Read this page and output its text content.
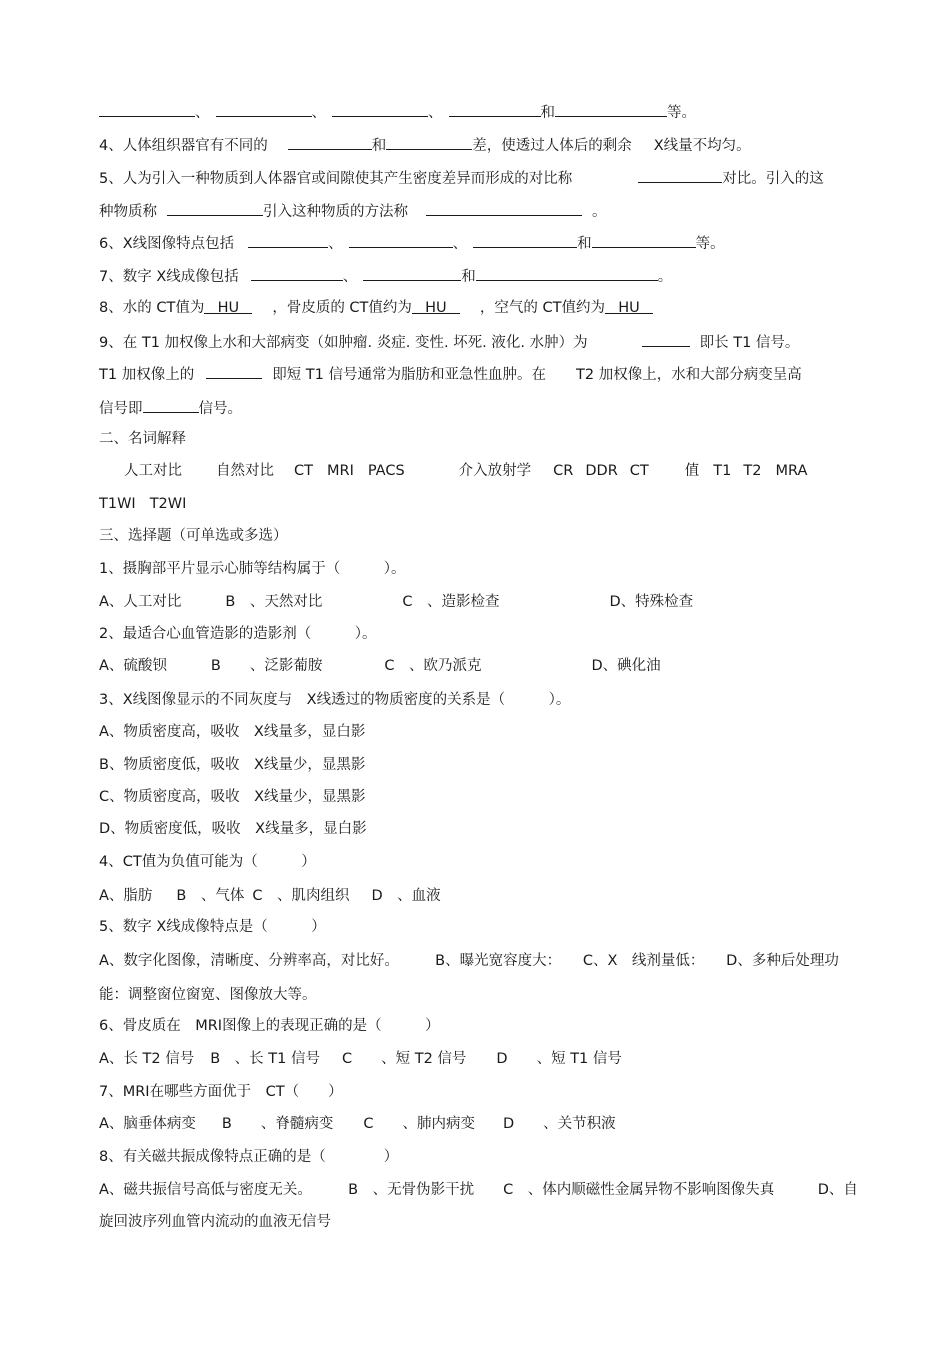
、	、	、	和	等。
4、人体组织器官有不同的	和	差，使透过人体后的剩余 X线量不均匀。
5、人为引入一种物质到人体器官或间隙使其产生密度差异而形成的对比称	对比。引入的这
种物质称	引入这种物质的方法称	。
6、X线图像特点包括	、	、	和	等。
7、数字 X线成像包括	、	和	。
8、水的 CT值为 HU ，骨皮质的 CT值约为 HU ，空气的 CT值约为 HU
9、在 T1 加权像上水和大部病变（如肿瘤. 炎症. 变性. 坏死. 液化. 水肿）为	即长 T1 信号。
T1 加权像上的	即短 T1 信号通常为脂肪和亚急性血肿。在 T2 加权像上，水和大部分病变呈高
信号即	信号。
二、名词解释
人工对比 自然对比 CT MRI PACS	介入放射学 CR DDR CT 值 T1 T2 MRA
T1WI T2WI
三、选择题（可单选或多选）
1、摄胸部平片显示心肺等结构属于（　　　）。
A、人工对比	B　、天然对比	C　、造影检查	D、特殊检查
2、最适合心血管造影的造影剂（　　　）。
A、硫酸钡	B　　、泛影葡胺	C　、欧乃派克	D、碘化油
3、X线图像显示的不同灰度与　X线透过的物质密度的关系是（　　　）。
A、物质密度高，吸收　X线量多，显白影
B、物质密度低，吸收　X线量少，显黑影
C、物质密度高，吸收　X线量少，显黑影
D、物质密度低，吸收　X线量多，显白影
4、CT值为负值可能为（　　　）
A、脂肪 B　、气体 C　、肌肉组织 D　、血液
5、数字 X线成像特点是（　　　）
A、数字化图像，清晰度、分辨率高，对比好。　　　B、曝光宽容度大：　　C、X　线剂量低：　　D、多种后处理功
能：调整窗位窗宽、图像放大等。
6、骨皮质在　MRI图像上的表现正确的是（　　　）
A、长 T2 信号 B　、长 T1 信号 C　　、短 T2 信号 D　　、短 T1 信号
7、MRI在哪些方面优于　CT（　　）
A、脑垂体病变 B　　、脊髓病变 C　　、肺内病变 D　　、关节积液
8、有关磁共振成像特点正确的是（　　　　）
A、磁共振信号高低与密度无关。　　　B　、无骨伪影干扰　　C　、体内顺磁性金属异物不影响图像失真　　　D、自
旋回波序列血管内流动的血液无信号
